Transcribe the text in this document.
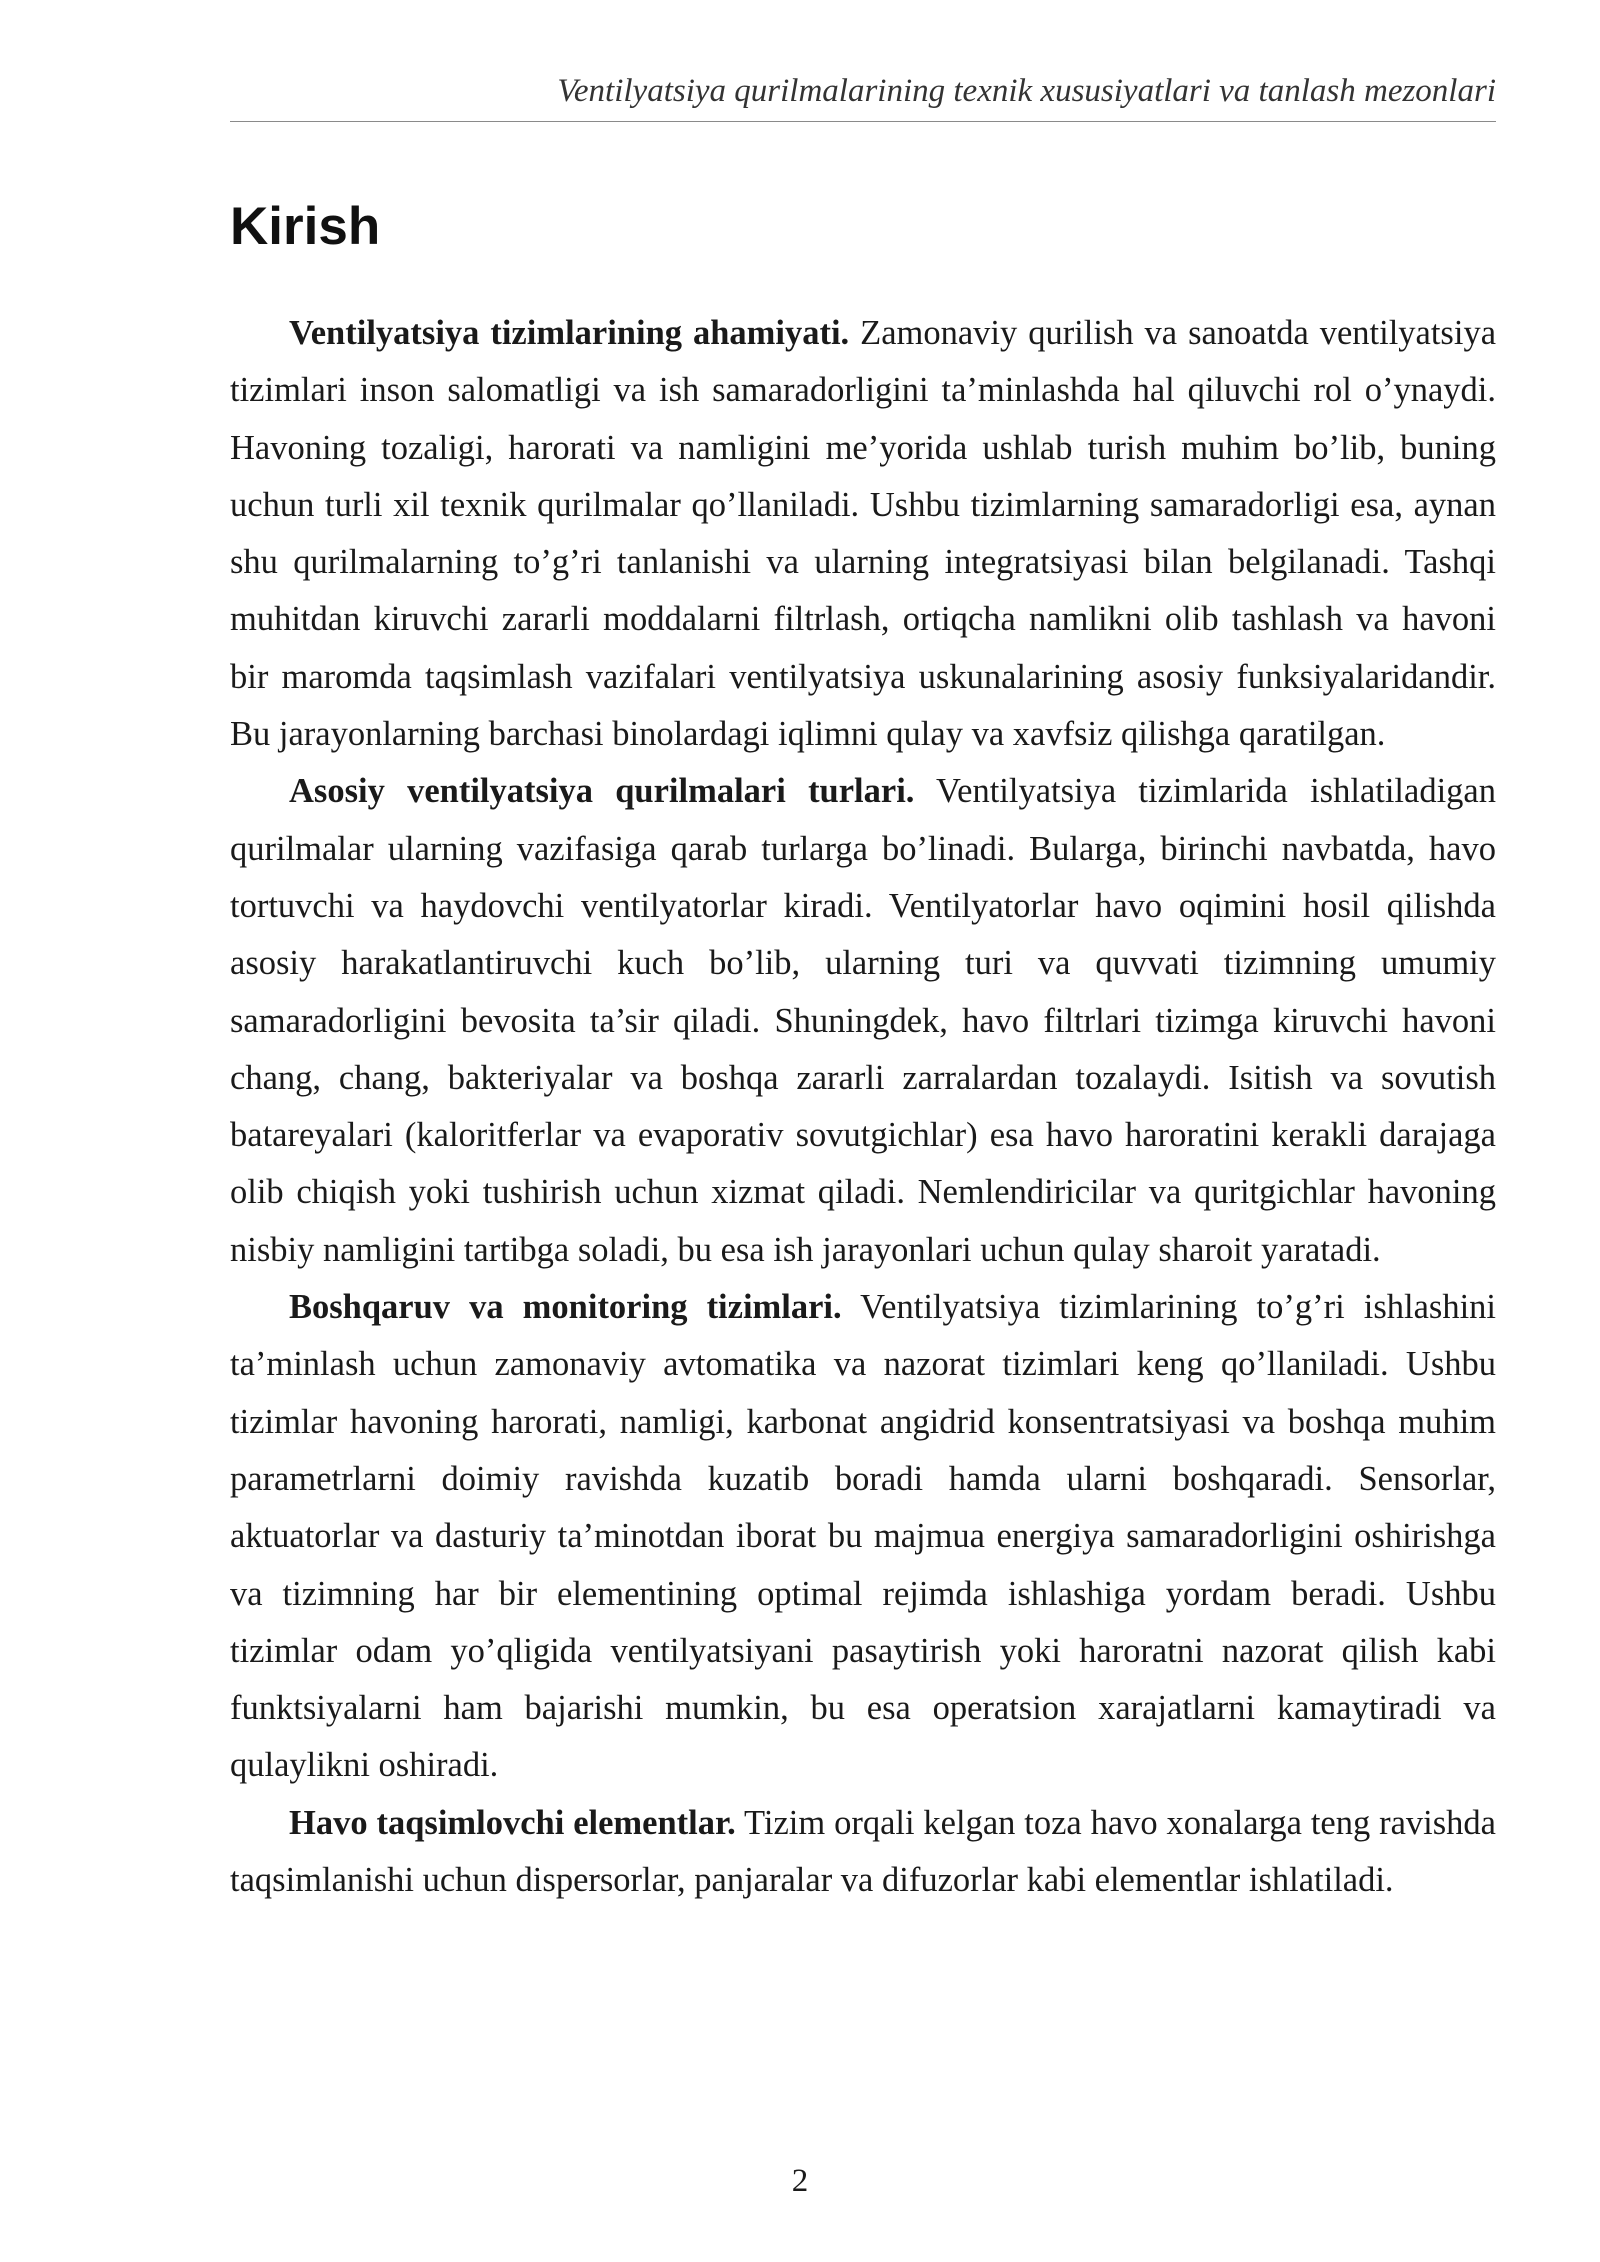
Ventilyatsiya qurilmalarining texnik xususiyatlari va tanlash mezonlari
Kirish

Ventilyatsiya tizimlarining ahamiyati. Zamonaviy qurilish va sanoatda ventilyatsiya tizimlari inson salomatligi va ish samaradorligini ta’minlashda hal qiluvchi rol o’ynaydi. Havoning tozaligi, harorati va namligini me’yorida ushlab turish muhim bo’lib, buning uchun turli xil texnik qurilmalar qo’llaniladi. Ushbu tizimlarning samaradorligi esa, aynan shu qurilmalarning to’g’ri tanlanishi va ularning integratsiyasi bilan belgilanadi. Tashqi muhitdan kiruvchi zararli moddalarni filtrlash, ortiqcha namlikni olib tashlash va havoni bir maromda taqsimlash vazifalari ventilyatsiya uskunalarining asosiy funksiyalaridandir. Bu jarayonlarning barchasi binolardagi iqlimni qulay va xavfsiz qilishga qaratilgan.

Asosiy ventilyatsiya qurilmalari turlari. Ventilyatsiya tizimlarida ishlatiladigan qurilmalar ularning vazifasiga qarab turlarga bo’linadi. Bularga, birinchi navbatda, havo tortuvchi va haydovchi ventilyatorlar kiradi. Ventilyatorlar havo oqimini hosil qilishda asosiy harakatlantiruvchi kuch bo’lib, ularning turi va quvvati tizimning umumiy samaradorligini bevosita ta’sir qiladi. Shuningdek, havo filtrlari tizimga kiruvchi havoni chang, chang, bakteriyalar va boshqa zararli zarralardan tozalaydi. Isitish va sovutish batareyalari (kaloritferlar va evaporativ sovutgichlar) esa havo haroratini kerakli darajaga olib chiqish yoki tushirish uchun xizmat qiladi. Nemlendiricilar va quritgichlar havoning nisbiy namligini tartibga soladi, bu esa ish jarayonlari uchun qulay sharoit yaratadi.

Boshqaruv va monitoring tizimlari. Ventilyatsiya tizimlarining to’g’ri ishlashini ta’minlash uchun zamonaviy avtomatika va nazorat tizimlari keng qo’llaniladi. Ushbu tizimlar havoning harorati, namligi, karbonat angidrid konsentratsiyasi va boshqa muhim parametrlarni doimiy ravishda kuzatib boradi hamda ularni boshqaradi. Sensorlar, aktuatorlar va dasturiy ta’minotdan iborat bu majmua energiya samaradorligini oshirishga va tizimning har bir elementining optimal rejimda ishlashiga yordam beradi. Ushbu tizimlar odam yo’qligida ventilyatsiyani pasaytirish yoki haroratni nazorat qilish kabi funktsiyalarni ham bajarishi mumkin, bu esa operatsion xarajatlarni kamaytiradi va qulaylikni oshiradi.

Havo taqsimlovchi elementlar. Tizim orqali kelgan toza havo xonalarga teng ravishda taqsimlanishi uchun dispersorlar, panjaralar va difuzorlar kabi elementlar ishlatiladi.

2
